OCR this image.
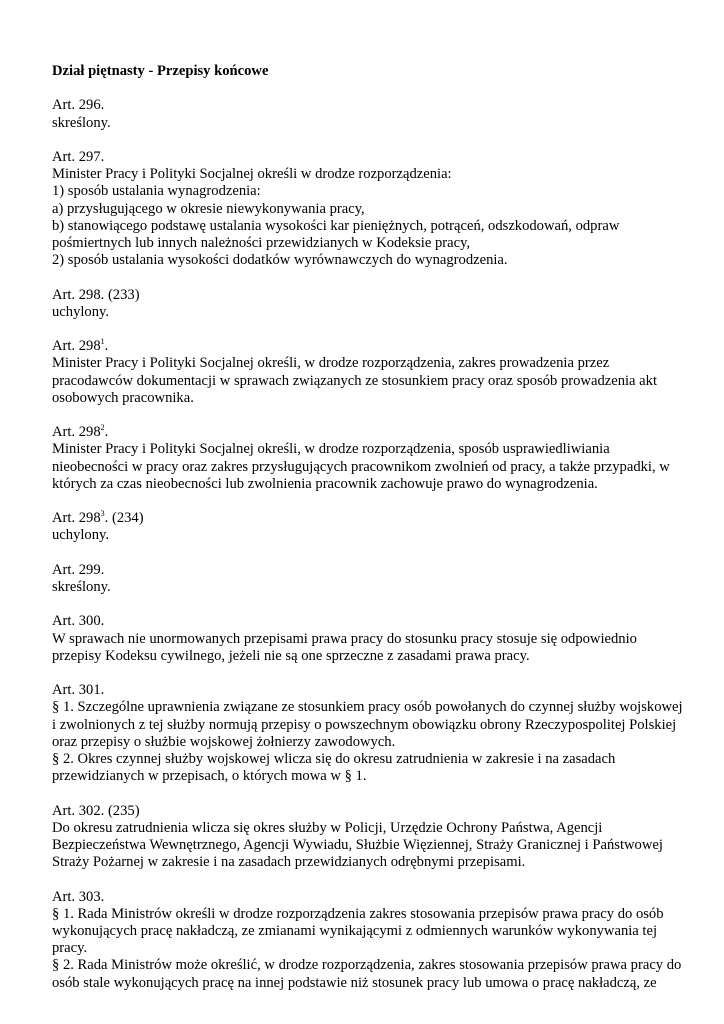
Dział piętnasty - Przepisy końcowe
Art. 296.
skreślony.
Art. 297.
Minister Pracy i Polityki Socjalnej określi w drodze rozporządzenia:
1) sposób ustalania wynagrodzenia:
a) przysługującego w okresie niewykonywania pracy,
b) stanowiącego podstawę ustalania wysokości kar pieniężnych, potrąceń, odszkodowań, odpraw
pośmiertnych lub innych należności przewidzianych w Kodeksie pracy,
2) sposób ustalania wysokości dodatków wyrównawczych do wynagrodzenia.
Art. 298. (233)
uchylony.
Art. $298^1$.
Minister Pracy i Polityki Socjalnej określi, w drodze rozporządzenia, zakres prowadzenia przez
pracodawców dokumentacji w sprawach związanych ze stosunkiem pracy oraz sposób prowadzenia akt
osobowych pracownika.
Art. $298^2$.
Minister Pracy i Polityki Socjalnej określi, w drodze rozporządzenia, sposób usprawiedliwiania
nieobecności w pracy oraz zakres przysługujących pracownikom zwolnień od pracy, a także przypadki, w
których za czas nieobecności lub zwolnienia pracownik zachowuje prawo do wynagrodzenia.
Art. $298^3$. (234)
uchylony.
Art. 299.
skreślony.
Art. 300.
W sprawach nie unormowanych przepisami prawa pracy do stosunku pracy stosuje się odpowiednio
przepisy Kodeksu cywilnego, jeżeli nie są one sprzeczne z zasadami prawa pracy.
Art. 301.
§ 1. Szczególne uprawnienia związane ze stosunkiem pracy osób powołanych do czynnej służby wojskowej
i zwolnionych z tej służby normują przepisy o powszechnym obowiązku obrony Rzeczypospolitej Polskiej
oraz przepisy o służbie wojskowej żołnierzy zawodowych.
§ 2. Okres czynnej służby wojskowej wlicza się do okresu zatrudnienia w zakresie i na zasadach
przewidzianych w przepisach, o których mowa w § 1.
Art. 302. (235)
Do okresu zatrudnienia wlicza się okres służby w Policji, Urzędzie Ochrony Państwa, Agencji
Bezpieczeństwa Wewnętrznego, Agencji Wywiadu, Służbie Więziennej, Straży Granicznej i Państwowej
Straży Pożarnej w zakresie i na zasadach przewidzianych odrębnymi przepisami.
Art. 303.
§ 1. Rada Ministrów określi w drodze rozporządzenia zakres stosowania przepisów prawa pracy do osób
wykonujących pracę nakładczą, ze zmianami wynikającymi z odmiennych warunków wykonywania tej
pracy.
§ 2. Rada Ministrów może określić, w drodze rozporządzenia, zakres stosowania przepisów prawa pracy do
osób stale wykonujących pracę na innej podstawie niż stosunek pracy lub umowa o pracę nakładczą, ze
